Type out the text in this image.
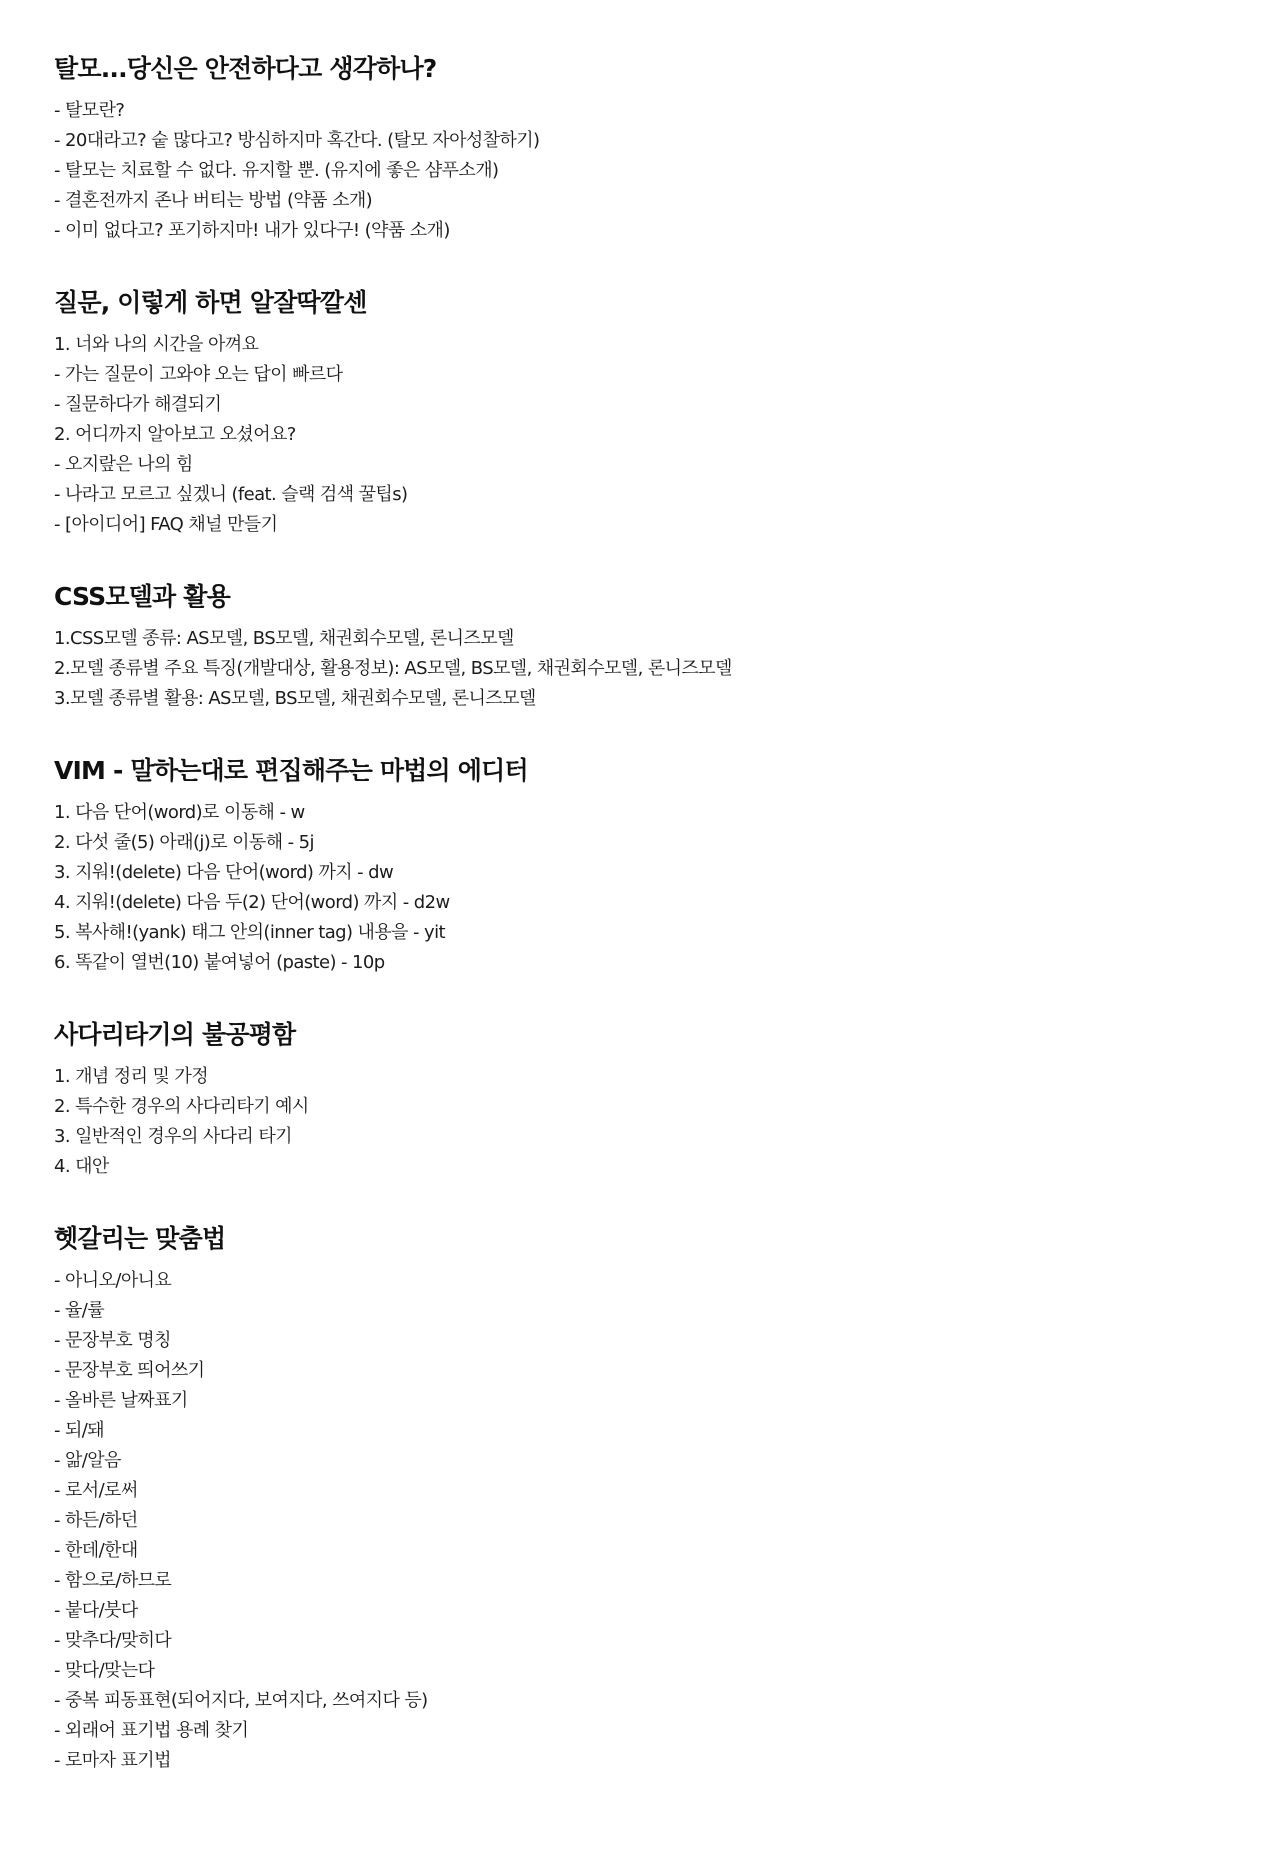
탈모...당신은 안전하다고 생각하나?
- 탈모란?
- 20대라고? 숱 많다고? 방심하지마 혹간다. (탈모 자아성찰하기)
- 탈모는 치료할 수 없다. 유지할 뿐. (유지에 좋은 샴푸소개)
- 결혼전까지 존나 버티는 방법 (약품 소개)
- 이미 없다고? 포기하지마! 내가 있다구! (약품 소개)
질문, 이렇게 하면 알잘딱깔센
1. 너와 나의 시간을 아껴요
- 가는 질문이 고와야 오는 답이 빠르다
- 질문하다가 해결되기
2. 어디까지 알아보고 오셨어요?
- 오지랖은 나의 힘
- 나라고 모르고 싶겠니 (feat. 슬랙 검색 꿀팁s)
- [아이디어] FAQ 채널 만들기
CSS모델과 활용
1.CSS모델 종류: AS모델, BS모델, 채권회수모델, 론니즈모델
2.모델 종류별 주요 특징(개발대상, 활용정보): AS모델, BS모델, 채권회수모델, 론니즈모델
3.모델 종류별 활용: AS모델, BS모델, 채권회수모델, 론니즈모델
VIM - 말하는대로 편집해주는 마법의 에디터
1. 다음 단어(word)로 이동해 - w
2. 다섯 줄(5) 아래(j)로 이동해 - 5j
3. 지워!(delete) 다음 단어(word) 까지 - dw
4. 지워!(delete) 다음 두(2) 단어(word) 까지 - d2w
5. 복사해!(yank) 태그 안의(inner tag) 내용을 - yit
6. 똑같이 열번(10) 붙여넣어 (paste) - 10p
사다리타기의 불공평함
1. 개념 정리 및 가정
2. 특수한 경우의 사다리타기 예시
3. 일반적인 경우의 사다리 타기
4. 대안
헷갈리는 맞춤법
- 아니오/아니요
- 율/률
- 문장부호 명칭
- 문장부호 띄어쓰기
- 올바른 날짜표기
- 되/돼
- 앎/알음
- 로서/로써
- 하든/하던
- 한데/한대
- 함으로/하므로
- 붙다/붓다
- 맞추다/맞히다
- 맞다/맞는다
- 중복 피동표현(되어지다, 보여지다, 쓰여지다 등)
- 외래어 표기법 용례 찾기
- 로마자 표기법
